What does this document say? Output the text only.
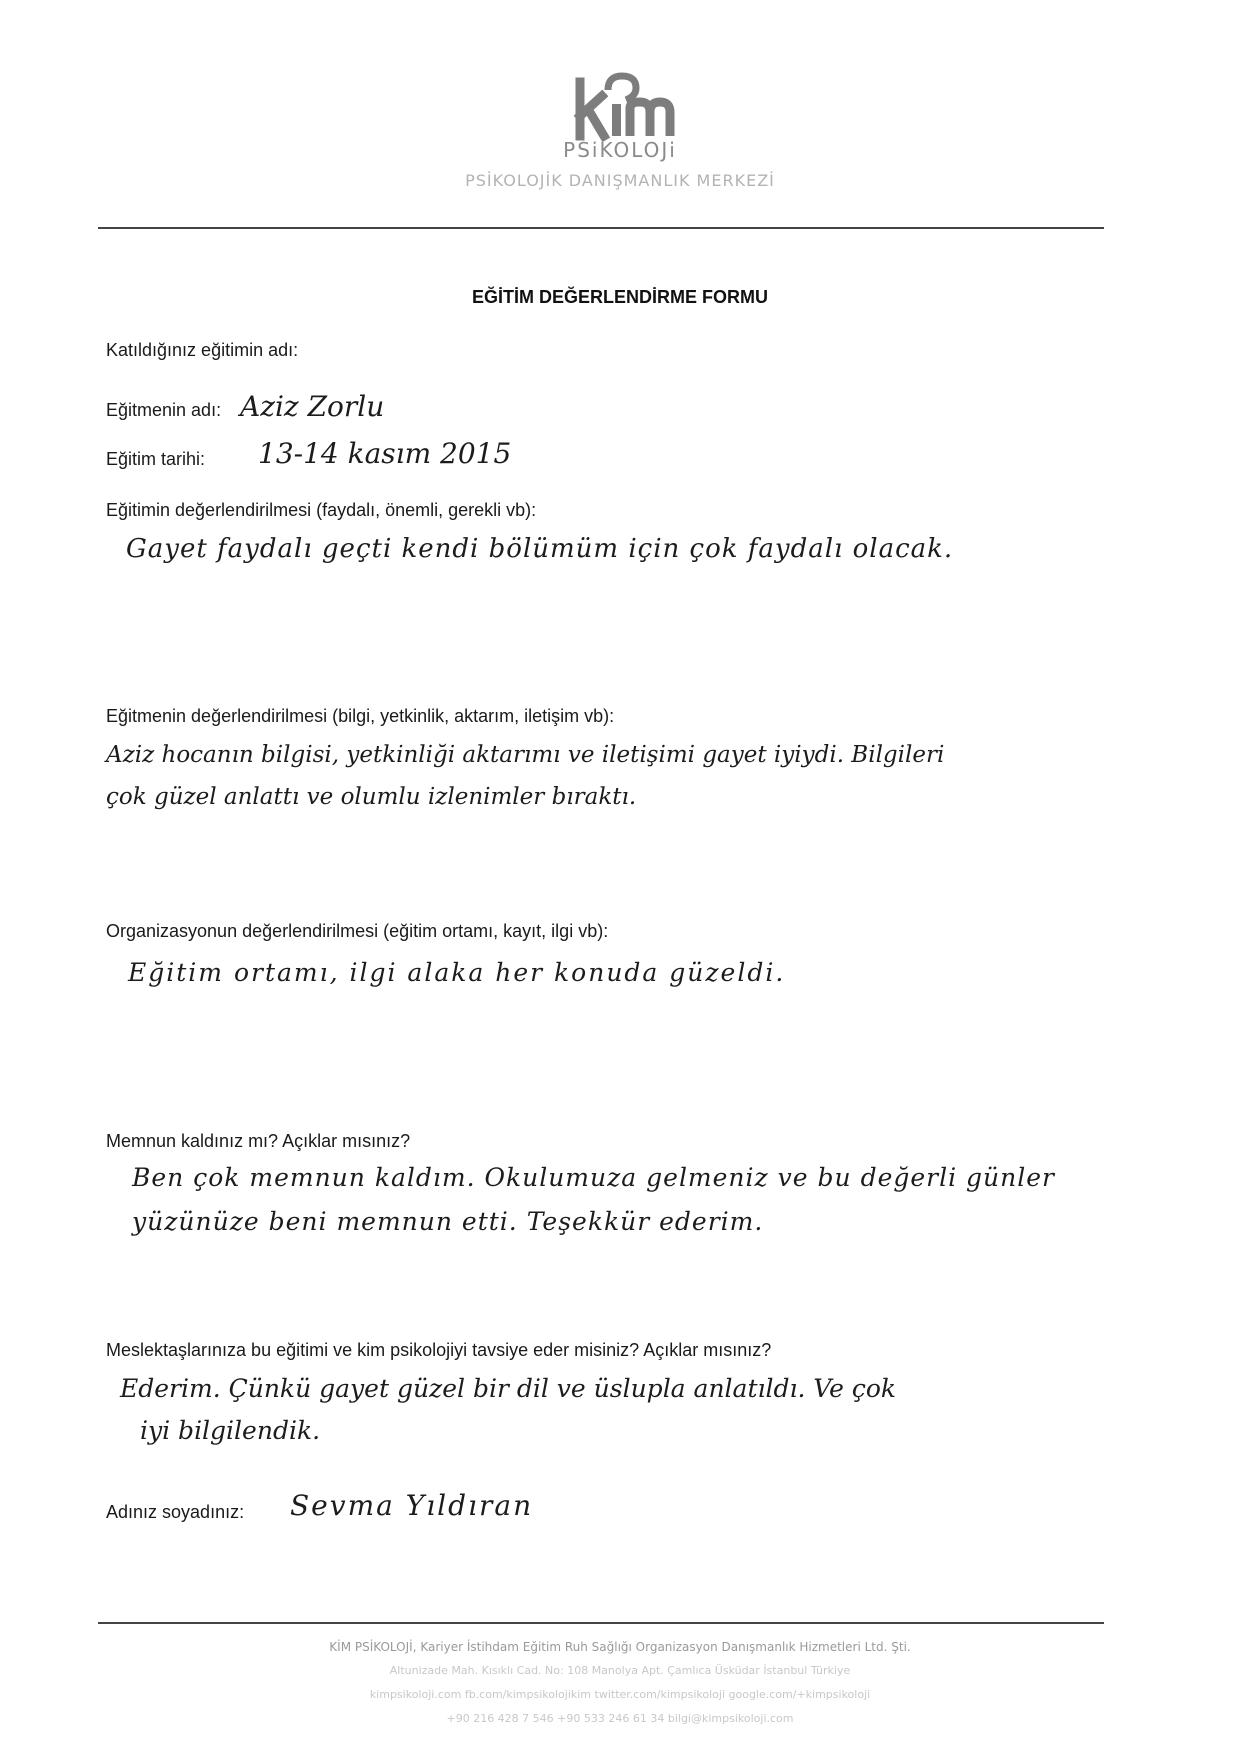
PSiKOLOJi
PSİKOLOJİK DANIŞMANLIK MERKEZİ
EĞİTİM DEĞERLENDİRME FORMU
Katıldığınız eğitimin adı:
Eğitmenin adı: Aziz Zorlu
Eğitim tarihi: 13-14 kasım 2015
Eğitimin değerlendirilmesi (faydalı, önemli, gerekli vb):
Gayet faydalı geçti kendi bölümüm için çok faydalı olacak.
Eğitmenin değerlendirilmesi (bilgi, yetkinlik, aktarım, iletişim vb):
Aziz hocanın bilgisi, yetkinliği aktarımı ve iletişimi gayet iyiydi. Bilgileri
çok güzel anlattı ve olumlu izlenimler bıraktı.
Organizasyonun değerlendirilmesi (eğitim ortamı, kayıt, ilgi vb):
Eğitim ortamı, ilgi alaka her konuda güzeldi.
Memnun kaldınız mı? Açıklar mısınız?
Ben çok memnun kaldım. Okulumuza gelmeniz ve bu değerli günler
yüzünüze beni memnun etti. Teşekkür ederim.
Meslektaşlarınıza bu eğitimi ve kim psikolojiyi tavsiye eder misiniz? Açıklar mısınız?
Ederim. Çünkü gayet güzel bir dil ve üslupla anlatıldı. Ve çok
iyi bilgilendik.
Adınız soyadınız: Sevma Yıldıran
KİM PSİKOLOJİ, Kariyer İstihdam Eğitim Ruh Sağlığı Organizasyon Danışmanlık Hizmetleri Ltd. Şti.
Altunizade Mah. Kısıklı Cad. No: 108 Manolya Apt. Çamlıca Üsküdar İstanbul Türkiye
kimpsikoloji.com fb.com/kimpsikolojikim twitter.com/kimpsikoloji google.com/+kimpsikoloji
+90 216 428 7 546 +90 533 246 61 34 bilgi@kimpsikoloji.com
